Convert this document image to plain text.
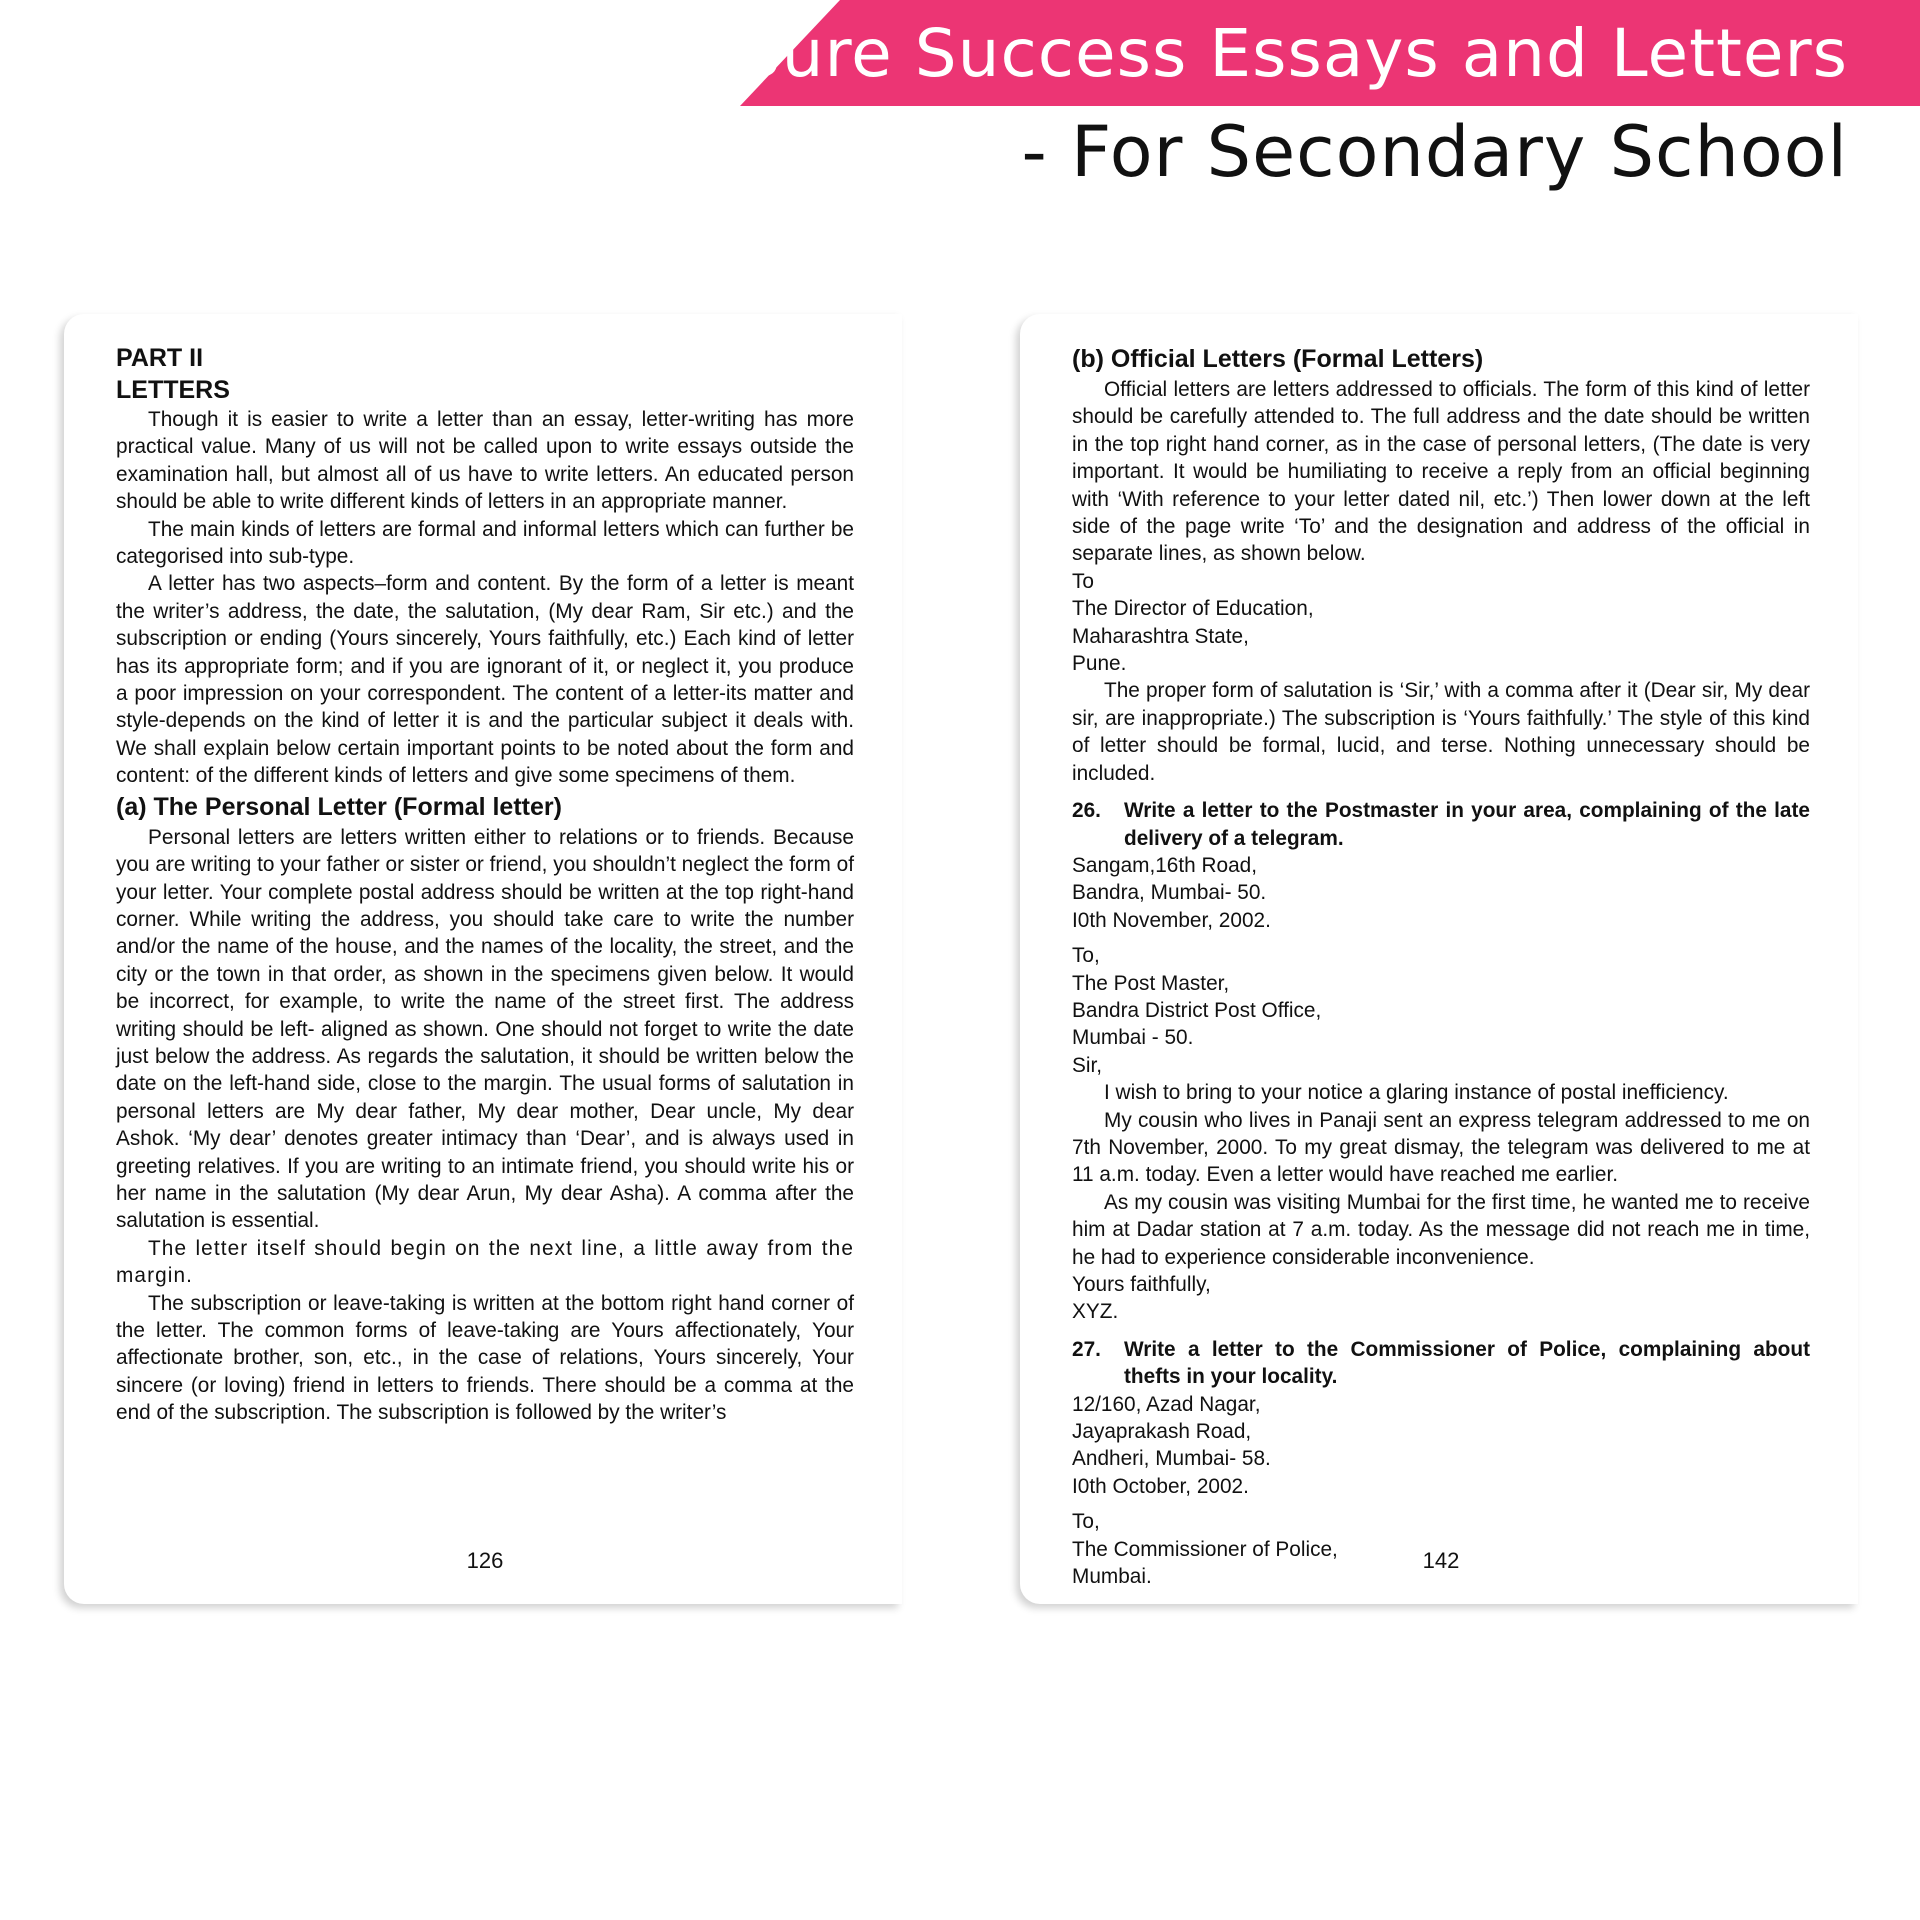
Sure Success Essays and Letters
- For Secondary School

PART II

LETTERS

Though it is easier to write a letter than an essay, letter-writing has more practical value. Many of us will not be called upon to write essays outside the examination hall, but almost all of us have to write letters. An educated person should be able to write different kinds of letters in an appropriate manner.

The main kinds of letters are formal and informal letters which can further be categorised into sub-type.

A letter has two aspects–form and content. By the form of a letter is meant the writer’s address, the date, the salutation, (My dear Ram, Sir etc.) and the subscription or ending (Yours sincerely, Yours faithfully, etc.) Each kind of letter has its appropriate form; and if you are ignorant of it, or neglect it, you produce a poor impression on your correspondent. The content of a letter-its matter and style-depends on the kind of letter it is and the particular subject it deals with. We shall explain below certain important points to be noted about the form and content: of the different kinds of letters and give some specimens of them.

(a) The Personal Letter (Formal letter)

Personal letters are letters written either to relations or to friends. Because you are writing to your father or sister or friend, you shouldn’t neglect the form of your letter. Your complete postal address should be written at the top right-hand corner. While writing the address, you should take care to write the number and/or the name of the house, and the names of the locality, the street, and the city or the town in that order, as shown in the specimens given below. It would be incorrect, for example, to write the name of the street first. The address writing should be left- aligned as shown. One should not forget to write the date just below the address. As regards the salutation, it should be written below the date on the left-hand side, close to the margin. The usual forms of salutation in personal letters are My dear father, My dear mother, Dear uncle, My dear Ashok. ‘My dear’ denotes greater intimacy than ‘Dear’, and is always used in greeting relatives. If you are writing to an intimate friend, you should write his or her name in the salutation (My dear Arun, My dear Asha). A comma after the salutation is essential.

The letter itself should begin on the next line, a little away from the margin.

The subscription or leave-taking is written at the bottom right hand corner of the letter. The common forms of leave-taking are Yours affectionately, Your affectionate brother, son, etc., in the case of relations, Yours sincerely, Your sincere (or loving) friend in letters to friends. There should be a comma at the end of the subscription. The subscription is followed by the writer’s

126

(b) Official Letters (Formal Letters)

Official letters are letters addressed to officials. The form of this kind of letter should be carefully attended to. The full address and the date should be written in the top right hand corner, as in the case of personal letters, (The date is very important. It would be humiliating to receive a reply from an official beginning with ‘With reference to your letter dated nil, etc.’) Then lower down at the left side of the page write ‘To’ and the designation and address of the official in separate lines, as shown below.

To

The Director of Education,

Maharashtra State,

Pune.

The proper form of salutation is ‘Sir,’ with a comma after it (Dear sir, My dear sir, are inappropriate.) The subscription is ‘Yours faithfully.’ The style of this kind of letter should be formal, lucid, and terse. Nothing unnecessary should be included.

26.	Write a letter to the Postmaster in your area, complaining of the late delivery of a telegram.

Sangam,16th Road,

Bandra, Mumbai- 50.

I0th November, 2002.

To,

The Post Master,

Bandra District Post Office,

Mumbai - 50.

Sir,

I wish to bring to your notice a glaring instance of postal inefficiency.

My cousin who lives in Panaji sent an express telegram addressed to me on 7th November, 2000. To my great dismay, the telegram was delivered to me at 11 a.m. today. Even a letter would have reached me earlier.

As my cousin was visiting Mumbai for the first time, he wanted me to receive him at Dadar station at 7 a.m. today. As the message did not reach me in time, he had to experience considerable inconvenience.

Yours faithfully,

XYZ.

27.	Write a letter to the Commissioner of Police, complaining about thefts in your locality.

12/160, Azad Nagar,

Jayaprakash Road,

Andheri, Mumbai- 58.

I0th October, 2002.

To,

The Commissioner of Police,

Mumbai.

142
